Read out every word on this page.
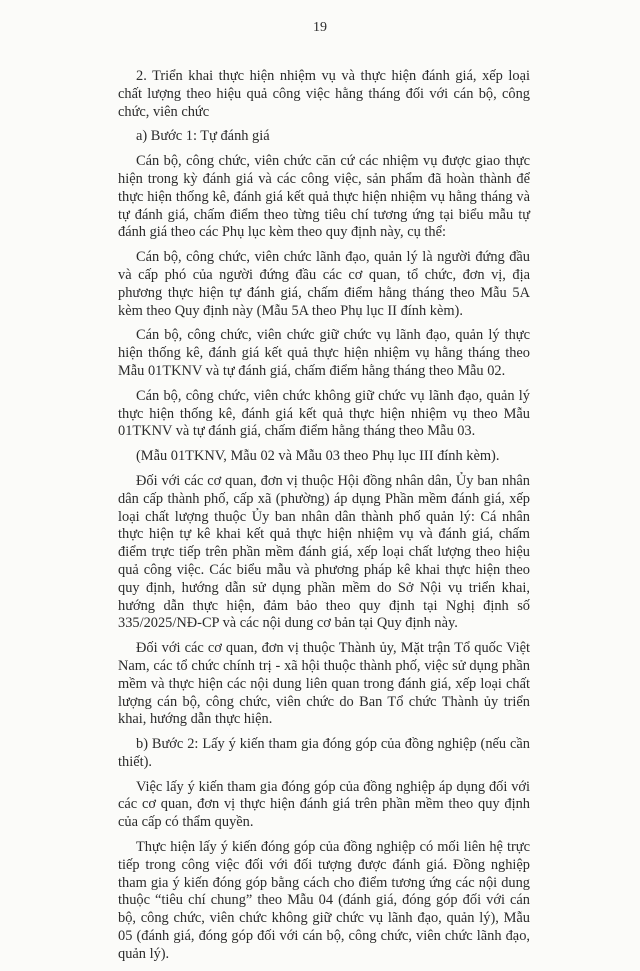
19

2. Triển khai thực hiện nhiệm vụ và thực hiện đánh giá, xếp loại chất lượng theo hiệu quả công việc hằng tháng đối với cán bộ, công chức, viên chức

a) Bước 1: Tự đánh giá

Cán bộ, công chức, viên chức căn cứ các nhiệm vụ được giao thực hiện trong kỳ đánh giá và các công việc, sản phẩm đã hoàn thành để thực hiện thống kê, đánh giá kết quả thực hiện nhiệm vụ hằng tháng và tự đánh giá, chấm điểm theo từng tiêu chí tương ứng tại biểu mẫu tự đánh giá theo các Phụ lục kèm theo quy định này, cụ thể:

Cán bộ, công chức, viên chức lãnh đạo, quản lý là người đứng đầu và cấp phó của người đứng đầu các cơ quan, tổ chức, đơn vị, địa phương thực hiện tự đánh giá, chấm điểm hằng tháng theo Mẫu 5A kèm theo Quy định này (Mẫu 5A theo Phụ lục II đính kèm).

Cán bộ, công chức, viên chức giữ chức vụ lãnh đạo, quản lý thực hiện thống kê, đánh giá kết quả thực hiện nhiệm vụ hằng tháng theo Mẫu 01TKNV và tự đánh giá, chấm điểm hằng tháng theo Mẫu 02.

Cán bộ, công chức, viên chức không giữ chức vụ lãnh đạo, quản lý thực hiện thống kê, đánh giá kết quả thực hiện nhiệm vụ theo Mẫu 01TKNV và tự đánh giá, chấm điểm hằng tháng theo Mẫu 03.

(Mẫu 01TKNV, Mẫu 02 và Mẫu 03 theo Phụ lục III đính kèm).

Đối với các cơ quan, đơn vị thuộc Hội đồng nhân dân, Ủy ban nhân dân cấp thành phố, cấp xã (phường) áp dụng Phần mềm đánh giá, xếp loại chất lượng thuộc Ủy ban nhân dân thành phố quản lý: Cá nhân thực hiện tự kê khai kết quả thực hiện nhiệm vụ và đánh giá, chấm điểm trực tiếp trên phần mềm đánh giá, xếp loại chất lượng theo hiệu quả công việc. Các biểu mẫu và phương pháp kê khai thực hiện theo quy định, hướng dẫn sử dụng phần mềm do Sở Nội vụ triển khai, hướng dẫn thực hiện, đảm bảo theo quy định tại Nghị định số 335/2025/NĐ-CP và các nội dung cơ bản tại Quy định này.

Đối với các cơ quan, đơn vị thuộc Thành ủy, Mặt trận Tổ quốc Việt Nam, các tổ chức chính trị - xã hội thuộc thành phố, việc sử dụng phần mềm và thực hiện các nội dung liên quan trong đánh giá, xếp loại chất lượng cán bộ, công chức, viên chức do Ban Tổ chức Thành ủy triển khai, hướng dẫn thực hiện.

b) Bước 2: Lấy ý kiến tham gia đóng góp của đồng nghiệp (nếu cần thiết).

Việc lấy ý kiến tham gia đóng góp của đồng nghiệp áp dụng đối với các cơ quan, đơn vị thực hiện đánh giá trên phần mềm theo quy định của cấp có thẩm quyền.

Thực hiện lấy ý kiến đóng góp của đồng nghiệp có mối liên hệ trực tiếp trong công việc đối với đối tượng được đánh giá. Đồng nghiệp tham gia ý kiến đóng góp bằng cách cho điểm tương ứng các nội dung thuộc “tiêu chí chung” theo Mẫu 04 (đánh giá, đóng góp đối với cán bộ, công chức, viên chức không giữ chức vụ lãnh đạo, quản lý), Mẫu 05 (đánh giá, đóng góp đối với cán bộ, công chức, viên chức lãnh đạo, quản lý).
